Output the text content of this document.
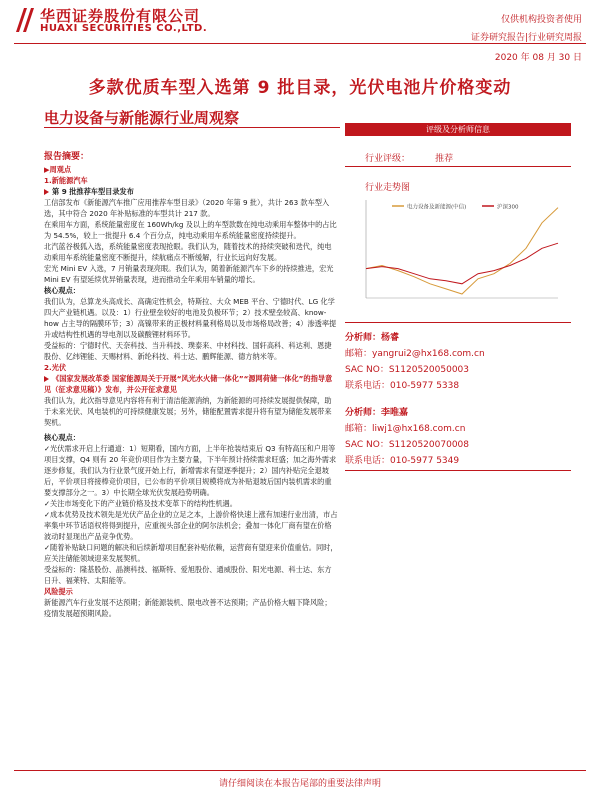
华西证券股份有限公司
HUAXI SECURITIES CO.,LTD.
仅供机构投资者使用
证券研究报告|行业研究周报
2020 年 08 月 30 日
多款优质车型入选第 9 批目录，光伏电池片价格变动
电力设备与新能源行业周观察
评级及分析师信息
行业评级：	推荐
行业走势图
电力设备及新能源(中信)	沪深300
分析师：杨睿
邮箱：yangrui2@hx168.com.cn
SAC NO：S1120520050003
联系电话：010-5977 5338
分析师：李唯嘉
邮箱：liwj1@hx168.com.cn
SAC NO：S1120520070008
联系电话：010-5977 5349
报告摘要：
▶周观点
1.新能源汽车
第 9 批推荐车型目录发布
工信部发布《新能源汽车推广应用推荐车型目录》（2020 年第 9 批），共计 263 款车型入选，其中符合 2020 年补贴标准的车型共计 217 款。
在乘用车方面，系统能量密度在 160Wh/kg 及以上的车型款数在纯电动乘用车整体中的占比为 54.5%，较上一批提升 6.4 个百分点，纯电动乘用车系统能量密度持续提升。
北汽蓝谷极狐入选，系统能量密度表现抢眼。我们认为，随着技术的持续突破和迭代，纯电动乘用车系统能量密度不断提升，续航痛点不断缓解，行业长远向好发展。
宏光 Mini EV 入选，7 月销量表现亮眼。我们认为，随着新能源汽车下乡的持续推进，宏光 Mini EV 有望延续优异销量表现，进而推动全年乘用车销量的增长。
核心观点：
我们认为，总算龙头高成长、高确定性机会，特斯拉、大众 MEB 平台、宁德时代、LG 化学四大产业链机遇。以及：1）行业壁垒较好的电池及负极环节；2）技术壁垒较高、know-how 占主导的隔膜环节；3）高镍带来的正极材料量利格局以及市场格局改善；4）渗透率提升或结构性机遇的导电剂以及碳酸锂材料环节。
受益标的：宁德时代、天奈科技、当升科技、璞泰来、中材科技、国轩高科、科达利、恩捷股份、亿纬锂能、天赐材料、新纶科技、科士达、鹏辉能源、德方纳米等。
2.光伏
《国家发展改革委 国家能源局关于开展“风光水火储一体化”“源网荷储一体化”的指导意见（征求意见稿）》发布，并公开征求意见
我们认为，此次指导意见内容将有利于清洁能源消纳，为新能源的可持续发展提供保障，助于未来光伏、风电装机的可持续健康发展；另外，储能配置需求提升将有望为储能发展带来契机。
核心观点：
✓光伏需求开启上行通道：1）短期看，国内方面，上半年抢装结束后 Q3 有特高压和户用等项目支撑，Q4 则有 20 年竞价项目作为主要方量，下半年预计持续需求旺盛；加之海外需求逐步修复，我们认为行业景气度开始上行，新增需求有望逐季提升；2）国内补贴完全退坡后，平价项目将接棒竞价项目，已公布的平价项目规模将成为补贴退坡后国内装机需求的重要支撑部分之一。3）中长期全球光伏发展趋势明确。
✓关注市场变化下的产业链价格及技术变革下的结构性机遇。
✓成本优势及技术领先是光伏产品企业的立足之本，上游价格快速上涨有加速行业出清，市占率集中环节话语权将得到提升，应重视头部企业的阿尔法机会；叠加一体化厂商有望在价格波动时显现出产品竞争优势。
✓随着补贴缺口问题的解决和后续新增项目配套补贴依赖，运营商有望迎来价值重估。同时，应关注储能领域迎来发展契机。
受益标的：隆基股份、晶澳科技、福斯特、爱旭股份、通威股份、阳光电源、科士达、东方日升、福莱特、太阳能等。
风险提示
新能源汽车行业发展不达预期；新能源装机、限电改善不达预期；产品价格大幅下降风险；疫情发展超预期风险。
请仔细阅读在本报告尾部的重要法律声明
